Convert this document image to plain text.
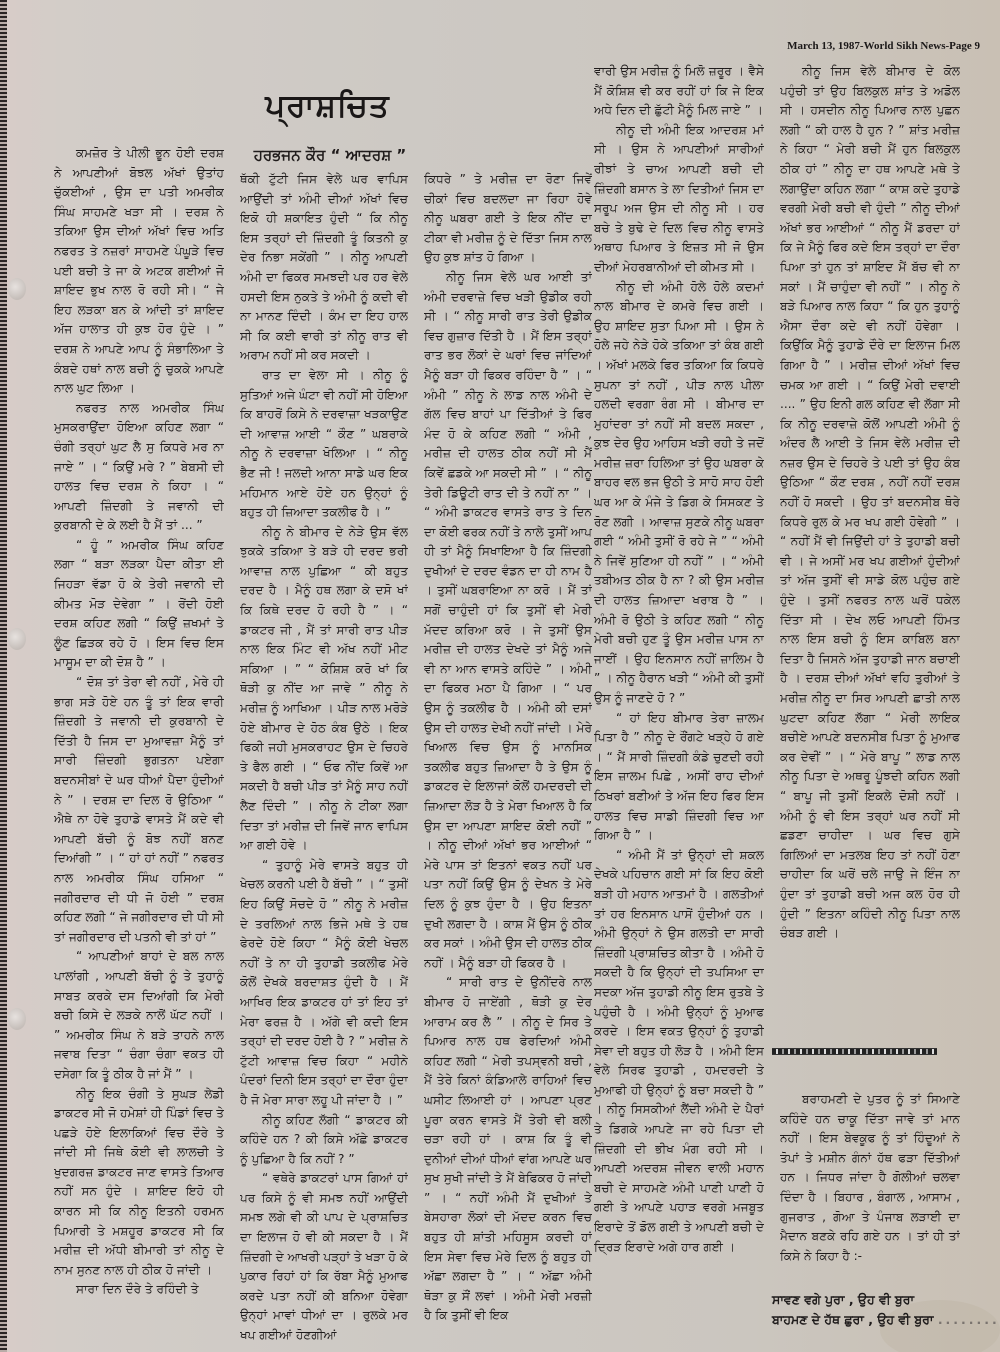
March 13, 1987-World Sikh News-Page 9
ਪ੍ਰਾਸ਼ਚਿਤ
ਹਰਭਜਨ ਕੌਰ “ ਆਦਰਸ਼ ”

ਕਮਜ਼ੋਰ ਤੇ ਪੀਲੀ ਭੂਨ ਹੋਈ ਦਰਸ਼ ਨੇ ਆਪਣੀਆਂ ਬੋਝਲ ਅੱਖਾਂ ਉਤਾਂਹ ਚੁੱਕਈਆਂ , ਉਸ ਦਾ ਪਤੀ ਅਮਰੀਕ ਸਿੰਘ ਸਾਹਮਣੇ ਖੜਾ ਸੀ । ਦਰਸ਼ ਨੇ ਤਕਿਆ ਉਸ ਦੀਆਂ ਅੱਖਾਂ ਵਿਚ ਅਤਿ ਨਫਰਤ ਤੇ ਨਜ਼ਰਾਂ ਸਾਹਮਣੇ ਪੰਘੂੜੇ ਵਿਚ ਪਈ ਬਚੀ ਤੇ ਜਾ ਕੇ ਅਟਕ ਗਈਆਂ ਜੋ ਸ਼ਾਇਦ ਭੁਖ ਨਾਲ ਰੋ ਰਹੀ ਸੀ। “ ਜੇ ਇਹ ਲੜਕਾ ਬਨ ਕੇ ਆਂਦੀ ਤਾਂ ਸ਼ਾਇਦ ਅੱਜ ਹਾਲਾਤ ਹੀ ਕੁਝ ਹੋਰ ਹੁੰਦੇ । ” ਦਰਸ਼ ਨੇ ਆਪਣੇ ਆਪ ਨੂੰ ਸੰਭਾਲਿਆ ਤੇ ਕੰਬਦੇ ਹਥਾਂ ਨਾਲ ਬਚੀ ਨੂੰ ਚੁਕਕੇ ਆਪਣੇ ਨਾਲ ਘੁਟ ਲਿਆ ।

ਨਫਰਤ ਨਾਲ ਅਮਰੀਕ ਸਿੰਘ ਮੁਸਕਰਾਉਂਦਾ ਹੋਇਆ ਕਹਿਣ ਲਗਾ “ ਚੰਗੀ ਤਰ੍ਹਾਂ ਘੁਟ ਲੈ ਸੁ ਕਿਧਰੇ ਮਰ ਨਾ ਜਾਏ ” । “ ਕਿਉਂ ਮਰੇ ? ” ਬੇਬਸੀ ਦੀ ਹਾਲਤ ਵਿਚ ਦਰਸ਼ ਨੇ ਕਿਹਾ । “ ਆਪਣੀ ਜ਼ਿੰਦਗੀ ਤੇ ਜਵਾਨੀ ਦੀ ਕੁਰਬਾਨੀ ਦੇ ਕੇ ਲਈ ਹੈ ਮੈਂ ਤਾਂ ... ”

“ ਹੂੰ ” ਅਮਰੀਕ ਸਿੰਘ ਕਹਿਣ ਲਗਾ “ ਬੜਾ ਲੜਕਾ ਪੈਦਾ ਕੀਤਾ ਈ ਜਿਹੜਾ ਵੱਡਾ ਹੋ ਕੇ ਤੇਰੀ ਜਵਾਨੀ ਦੀ ਕੀਮਤ ਮੋੜ ਦੇਵੇਗਾ ” । ਰੋਂਦੀ ਹੋਈ ਦਰਸ਼ ਕਹਿਣ ਲਗੀ “ ਕਿਉਂ ਜ਼ਖਮਾਂ ਤੇ ਲੂੰਣ ਛਿੜਕ ਰਹੇ ਹੋ । ਇਸ ਵਿਚ ਇਸ ਮਾਸੂਮ ਦਾ ਕੀ ਦੋਸ਼ ਹੈ ” ।

“ ਦੋਸ਼ ਤਾਂ ਤੇਰਾ ਵੀ ਨਹੀਂ , ਮੇਰੇ ਹੀ ਭਾਗ ਸੜੇ ਹੋਏ ਹਨ ਤੂੰ ਤਾਂ ਇਕ ਵਾਰੀ ਜ਼ਿੰਦਗੀ ਤੇ ਜਵਾਨੀ ਦੀ ਕੁਰਬਾਨੀ ਦੇ ਦਿੱਤੀ ਹੈ ਜਿਸ ਦਾ ਮੁਆਵਜ਼ਾ ਮੈਨੂੰ ਤਾਂ ਸਾਰੀ ਜ਼ਿੰਦਗੀ ਭੁਗਤਨਾ ਪਏਗਾ ਬਦਨਸੀਬਾਂ ਦੇ ਘਰ ਧੀਆਂ ਪੈਦਾ ਹੁੰਦੀਆਂ ਨੇ ” । ਦਰਸ਼ ਦਾ ਦਿਲ ਰੋ ਉਠਿਆ “ ਐਥੇ ਨਾ ਹੋਵੇ ਤੁਹਾਡੇ ਵਾਸਤੇ ਮੈਂ ਕਦੇ ਵੀ ਆਪਣੀ ਬੱਚੀ ਨੂੰ ਬੋਝ ਨਹੀਂ ਬਨਣ ਦਿਆਂਗੀ ” । “ ਹਾਂ ਹਾਂ ਨਹੀਂ ” ਨਫਰਤ ਨਾਲ ਅਮਰੀਕ ਸਿੰਘ ਹਸਿਆ “ ਜਗੀਰਦਾਰ ਦੀ ਧੀ ਜੋ ਹੋਈ ” ਦਰਸ਼ ਕਹਿਣ ਲਗੀ “ ਜੇ ਜਗੀਰਦਾਰ ਦੀ ਧੀ ਸੀ ਤਾਂ ਜਗੀਰਦਾਰ ਦੀ ਪਤਨੀ ਵੀ ਤਾਂ ਹਾਂ ”

“ ਆਪਣੀਆਂ ਬਾਹਾਂ ਦੇ ਬਲ ਨਾਲ ਪਾਲਾਂਗੀ , ਆਪਣੀ ਬੱਚੀ ਨੂੰ ਤੇ ਤੁਹਾਨੂੰ ਸਾਬਤ ਕਰਕੇ ਦਸ ਦਿਆਂਗੀ ਕਿ ਮੇਰੀ ਬਚੀ ਕਿਸੇ ਦੇ ਲੜਕੇ ਨਾਲੋਂ ਘੱਟ ਨਹੀਂ । ” ਅਮਰੀਕ ਸਿੰਘ ਨੇ ਬੜੇ ਤਾਹਨੇ ਨਾਲ ਜਵਾਬ ਦਿਤਾ “ ਚੰਗਾ ਚੰਗਾ ਵਕਤ ਹੀ ਦਸੇਗਾ ਕਿ ਤੂੰ ਠੀਕ ਹੈ ਜਾਂ ਮੈਂ ” ।

ਨੀਨੂ ਇਕ ਚੰਗੀ ਤੇ ਸੁਘੜ ਲੇਡੀ ਡਾਕਟਰ ਸੀ ਜੋ ਹਮੇਸ਼ਾਂ ਹੀ ਪਿੰਡਾਂ ਵਿਚ ਤੇ ਪਛੜੇ ਹੋਏ ਇਲਾਕਿਆਂ ਵਿਚ ਦੌਰੇ ਤੇ ਜਾਂਦੀ ਸੀ ਜਿਥੇ ਕੋਈ ਵੀ ਲਾਲਚੀ ਤੇ ਖੁਦਗਰਜ਼ ਡਾਕਟਰ ਜਾਣ ਵਾਸਤੇ ਤਿਆਰ ਨਹੀਂ ਸਨ ਹੁੰਦੇ । ਸ਼ਾਇਦ ਇਹੋ ਹੀ ਕਾਰਨ ਸੀ ਕਿ ਨੀਨੂ ਇਤਨੀ ਹਰਮਨ ਪਿਆਰੀ ਤੇ ਮਸ਼ਹੂਰ ਡਾਕਟਰ ਸੀ ਕਿ ਮਰੀਜ਼ ਦੀ ਅੱਧੀ ਬੀਮਾਰੀ ਤਾਂ ਨੀਨੂ ਦੇ ਨਾਮ ਸੁਨਣ ਨਾਲ ਹੀ ਠੀਕ ਹੋ ਜਾਂਦੀ ।

ਸਾਰਾ ਦਿਨ ਦੌਰੇ ਤੇ ਰਹਿੰਦੀ ਤੇ

ਥੱਕੀ ਟੁੱਟੀ ਜਿਸ ਵੇਲੇ ਘਰ ਵਾਪਿਸ ਆਉਂਦੀ ਤਾਂ ਅੰਮੀ ਦੀਆਂ ਅੱਖਾਂ ਵਿਚ ਇਕੋ ਹੀ ਸ਼ਕਾਇਤ ਹੁੰਦੀ “ ਕਿ ਨੀਨੂ ਇਸ ਤਰ੍ਹਾਂ ਦੀ ਜ਼ਿੰਦਗੀ ਤੂੰ ਕਿਤਨੀ ਕੁ ਦੇਰ ਨਿਭਾ ਸਕੇਂਗੀ ” । ਨੀਨੂ ਆਪਣੀ ਅੰਮੀ ਦਾ ਫਿਕਰ ਸਮਝਦੀ ਪਰ ਹਰ ਵੇਲੇ ਹਸਦੀ ਇਸ ਨੁਕਤੇ ਤੇ ਅੰਮੀ ਨੂੰ ਕਦੀ ਵੀ ਨਾ ਮਾਨਣ ਦਿੰਦੀ । ਕੰਮ ਦਾ ਇਹ ਹਾਲ ਸੀ ਕਿ ਕਈ ਵਾਰੀ ਤਾਂ ਨੀਨੂ ਰਾਤ ਵੀ ਅਰਾਮ ਨਹੀਂ ਸੀ ਕਰ ਸਕਦੀ ।

ਰਾਤ ਦਾ ਵੇਲਾ ਸੀ । ਨੀਨੂ ਨੂੰ ਸੁਤਿਆਂ ਅਜੇ ਘੰਟਾ ਵੀ ਨਹੀਂ ਸੀ ਹੋਇਆ ਕਿ ਬਾਹਰੋਂ ਕਿਸੇ ਨੇ ਦਰਵਾਜ਼ਾ ਖੜਕਾਉਣ ਦੀ ਆਵਾਜ਼ ਆਈ “ ਕੌਣ ” ਘਬਰਾਕੇ ਨੀਨੂ ਨੇ ਦਰਵਾਜ਼ਾ ਖੋਲਿਆ । “ ਨੀਨੂ ਭੈਣ ਜੀ ! ਜਲਦੀ ਆਨਾ ਸਾਡੇ ਘਰ ਇਕ ਮਹਿਮਾਨ ਆਏ ਹੋਏ ਹਨ ਉਨ੍ਹਾਂ ਨੂੰ ਬਹੁਤ ਹੀ ਜ਼ਿਆਦਾ ਤਕਲੀਫ ਹੈ । ”

ਨੀਨੂ ਨੇ ਬੀਮਾਰ ਦੇ ਨੇੜੇ ਉਸ ਵੱਲ ਝੁਕਕੇ ਤਕਿਆ ਤੇ ਬੜੇ ਹੀ ਦਰਦ ਭਰੀ ਆਵਾਜ਼ ਨਾਲ ਪੁਛਿਆ “ ਕੀ ਬਹੁਤ ਦਰਦ ਹੈ । ਮੈਨੂੰ ਹਥ ਲਗਾ ਕੇ ਦਸੋ ਖਾਂ ਕਿ ਕਿਥੇ ਦਰਦ ਹੋ ਰਹੀ ਹੈ ” । “ ਡਾਕਟਰ ਜੀ , ਮੈਂ ਤਾਂ ਸਾਰੀ ਰਾਤ ਪੀੜ ਨਾਲ ਇਕ ਮਿੰਟ ਵੀ ਅੱਖ ਨਹੀਂ ਮੀਟ ਸਕਿਆ । ” “ ਕੋਸ਼ਿਸ਼ ਕਰੋ ਖਾਂ ਕਿ ਥੋੜੀ ਕੁ ਨੀਂਦ ਆ ਜਾਵੇ ” ਨੀਨੂ ਨੇ ਮਰੀਜ਼ ਨੂੰ ਆਖਿਆ । ਪੀੜ ਨਾਲ ਮਰੋੜੇ ਹੋਏ ਬੀਮਾਰ ਦੇ ਹੋਠ ਕੰਬ ਉਠੇ । ਇਕ ਫਿਕੀ ਜਹੀ ਮੁਸਕਰਾਹਟ ਉਸ ਦੇ ਚਿਹਰੇ ਤੇ ਫੈਲ ਗਈ । “ ਓਫ ਨੀਂਦ ਕਿਵੇਂ ਆ ਸਕਦੀ ਹੈ ਬਚੀ ਪੀੜ ਤਾਂ ਮੈਨੂੰ ਸਾਹ ਨਹੀਂ ਲੈਣ ਦਿੰਦੀ ” । ਨੀਨੂ ਨੇ ਟੀਕਾ ਲਗਾ ਦਿਤਾ ਤਾਂ ਮਰੀਜ਼ ਦੀ ਜਿਵੇਂ ਜਾਨ ਵਾਪਿਸ ਆ ਗਈ ਹੋਵੇ ।

“ ਤੁਹਾਨੂੰ ਮੇਰੇ ਵਾਸਤੇ ਬਹੁਤ ਹੀ ਖੇਚਲ ਕਰਨੀ ਪਈ ਹੈ ਬੱਚੀ ” । “ ਤੁਸੀਂ ਇਹ ਕਿਉਂ ਸੋਚਦੇ ਹੋ ” ਨੀਨੂ ਨੇ ਮਰੀਜ਼ ਦੇ ਤਰਲਿਆਂ ਨਾਲ ਭਿਜੇ ਮਥੇ ਤੇ ਹਥ ਫੇਰਦੇ ਹੋਏ ਕਿਹਾ “ ਮੈਨੂੰ ਕੋਈ ਖੇਚਲ ਨਹੀਂ ਤੇ ਨਾ ਹੀ ਤੁਹਾਡੀ ਤਕਲੀਫ ਮੇਰੇ ਕੋਲੋਂ ਦੇਖਕੇ ਬਰਦਾਸ਼ਤ ਹੁੰਦੀ ਹੈ । ਮੈਂ ਆਖਿਰ ਇਕ ਡਾਕਟਰ ਹਾਂ ਤਾਂ ਇਹ ਤਾਂ ਮੇਰਾ ਫਰਜ਼ ਹੈ । ਅੱਗੇ ਵੀ ਕਦੀ ਇਸ ਤਰ੍ਹਾਂ ਦੀ ਦਰਦ ਹੋਈ ਹੈ ? ” ਮਰੀਜ਼ ਨੇ ਟੁੱਟੀ ਆਵਾਜ਼ ਵਿਚ ਕਿਹਾ “ ਮਹੀਨੇ ਪੰਦਰਾਂ ਦਿਨੀ ਇਸ ਤਰ੍ਹਾਂ ਦਾ ਦੌਰਾ ਹੁੰਦਾ ਹੈ ਜੋ ਮੇਰਾ ਸਾਰਾ ਲਹੂ ਪੀ ਜਾਂਦਾ ਹੈ । ”

ਨੀਨੂ ਕਹਿਣ ਲੱਗੀ “ ਡਾਕਟਰ ਕੀ ਕਹਿੰਦੇ ਹਨ ? ਕੀ ਕਿਸੇ ਅੱਛੇ ਡਾਕਟਰ ਨੂੰ ਪੁਛਿਆ ਹੈ ਕਿ ਨਹੀਂ ? ”

“ ਵਥੇਰੇ ਡਾਕਟਰਾਂ ਪਾਸ ਗਿਆਂ ਹਾਂ ਪਰ ਕਿਸੇ ਨੂੰ ਵੀ ਸਮਝ ਨਹੀਂ ਆਉਂਦੀ ਸਮਝ ਲਗੇ ਵੀ ਕੀ ਪਾਪ ਦੇ ਪ੍ਰਾਸ਼ਚਿਤ ਦਾ ਇਲਾਜ ਹੋ ਵੀ ਕੀ ਸਕਦਾ ਹੈ । ਮੈਂ ਜ਼ਿੰਦਗੀ ਦੇ ਆਖਰੀ ਪੜ੍ਹਾਂ ਤੇ ਖੜਾ ਹੋ ਕੇ ਪੁਕਾਰ ਰਿਹਾਂ ਹਾਂ ਕਿ ਰੱਬਾ ਮੈਨੂੰ ਮੁਆਫ ਕਰਦੇ ਪਤਾ ਨਹੀਂ ਕੀ ਬਨਿਆ ਹੋਵੇਗਾ ਉਨ੍ਹਾਂ ਮਾਵਾਂ ਧੀਆਂ ਦਾ । ਰੁਲਕੇ ਮਰ ਖਪ ਗਈਆਂ ਹੋਣਗੀਆਂ

ਕਿਧਰੇ ” ਤੇ ਮਰੀਜ਼ ਦਾ ਰੋਣਾ ਜਿਵੇਂ ਚੀਕਾਂ ਵਿਚ ਬਦਲਦਾ ਜਾ ਰਿਹਾ ਹੋਵੇ ਨੀਨੂ ਘਬਰਾ ਗਈ ਤੇ ਇਕ ਨੀਂਦ ਦਾ ਟੀਕਾ ਵੀ ਮਰੀਜ਼ ਨੂੰ ਦੇ ਦਿੱਤਾ ਜਿਸ ਨਾਲ ਉਹ ਕੁਝ ਸ਼ਾਂਤ ਹੋ ਗਿਆ ।

ਨੀਨੂ ਜਿਸ ਵੇਲੇ ਘਰ ਆਈ ਤਾਂ ਅੰਮੀ ਦਰਵਾਜ਼ੇ ਵਿਚ ਖੜੀ ਉਡੀਕ ਰਹੀ ਸੀ । “ ਨੀਨੂ ਸਾਰੀ ਰਾਤ ਤੇਰੀ ਉਡੀਕ ਵਿਚ ਗੁਜ਼ਾਰ ਦਿੱਤੀ ਹੈ । ਮੈਂ ਇਸ ਤਰ੍ਹਾਂ ਰਾਤ ਭਰ ਲੋਕਾਂ ਦੇ ਘਰਾਂ ਵਿਚ ਜਾਂਦਿਆਂ ਮੈਨੂੰ ਬੜਾ ਹੀ ਫਿਕਰ ਰਹਿੰਦਾ ਹੈ ” । “ ਅੰਮੀ ” ਨੀਨੂ ਨੇ ਲਾਡ ਨਾਲ ਅੰਮੀ ਦੇ ਗੱਲ ਵਿਚ ਬਾਹਾਂ ਪਾ ਦਿੱਤੀਆਂ ਤੇ ਫਿਰ ਮੰਦ ਹੋ ਕੇ ਕਹਿਣ ਲਗੀ “ ਅੰਮੀ , ਮਰੀਜ਼ ਦੀ ਹਾਲਤ ਠੀਕ ਨਹੀਂ ਸੀ ਮੈਂ ਕਿਵੇਂ ਛਡਕੇ ਆ ਸਕਦੀ ਸੀ ” । “ ਨੀਨੂ ਤੇਰੀ ਡਿਊਟੀ ਰਾਤ ਦੀ ਤੇ ਨਹੀਂ ਨਾ ” । “ ਅੰਮੀ ਡਾਕਟਰ ਵਾਸਤੇ ਰਾਤ ਤੇ ਦਿਨ ਦਾ ਕੋਈ ਫਰਕ ਨਹੀਂ ਤੇ ਨਾਲੇ ਤੁਸੀਂ ਆਪ ਹੀ ਤਾਂ ਮੈਨੂੰ ਸਿਖਾਇਆ ਹੈ ਕਿ ਜ਼ਿੰਦਗੀ ਦੁਖੀਆਂ ਦੇ ਦਰਦ ਵੰਡਨ ਦਾ ਹੀ ਨਾਮ ਹੈ । ਤੁਸੀਂ ਘਬਰਾਇਆ ਨਾ ਕਰੋ । ਮੈਂ ਤਾਂ ਸਗੋਂ ਚਾਹੁੰਦੀ ਹਾਂ ਕਿ ਤੁਸੀਂ ਵੀ ਮੇਰੀ ਮੱਦਦ ਕਰਿਆ ਕਰੋ । ਜੇ ਤੁਸੀਂ ਉਸ ਮਰੀਜ਼ ਦੀ ਹਾਲਤ ਦੇਖਦੇ ਤਾਂ ਮੈਨੂੰ ਅਜੇ ਵੀ ਨਾ ਆਨ ਵਾਸਤੇ ਕਹਿੰਦੇ ” । ਅੰਮੀ ਦਾ ਫਿਕਰ ਮਠਾ ਪੈ ਗਿਆ । “ ਪਰ ਉਸ ਨੂੰ ਤਕਲੀਫ ਹੈ । ਅੰਮੀ ਕੀ ਦਸਾਂ ਉਸ ਦੀ ਹਾਲਤ ਦੇਖੀ ਨਹੀਂ ਜਾਂਦੀ । ਮੇਰੇ ਖਿਆਲ ਵਿਚ ਉਸ ਨੂੰ ਮਾਨਸਿਕ ਤਕਲੀਫ ਬਹੁਤ ਜ਼ਿਆਦਾ ਹੈ ਤੇ ਉਸ ਨੂੰ ਡਾਕਟਰ ਦੇ ਇਲਾਜਾਂ ਕੋਲੋਂ ਹਮਦਰਦੀ ਦੀ ਜ਼ਿਆਦਾ ਲੋੜ ਹੈ ਤੇ ਮੇਰਾ ਖਿਆਲ ਹੈ ਕਿ ਉਸ ਦਾ ਆਪਣਾ ਸ਼ਾਇਦ ਕੋਈ ਨਹੀਂ ” । ਨੀਨੂ ਦੀਆਂ ਅੱਖਾਂ ਭਰ ਆਈਆਂ “ ਮੇਰੇ ਪਾਸ ਤਾਂ ਇਤਨਾਂ ਵਕਤ ਨਹੀਂ ਪਰ ਪਤਾ ਨਹੀਂ ਕਿਉਂ ਉਸ ਨੂੰ ਦੇਖਨ ਤੇ ਮੇਰੇ ਦਿਲ ਨੂੰ ਕੁਝ ਹੁੰਦਾ ਹੈ । ਉਹ ਇਤਨਾ ਦੁਖੀ ਲਗਦਾ ਹੈ । ਕਾਸ਼ ਮੈਂ ਉਸ ਨੂੰ ਠੀਕ ਕਰ ਸਕਾਂ । ਅੰਮੀ ਉਸ ਦੀ ਹਾਲਤ ਠੀਕ ਨਹੀਂ । ਮੈਨੂੰ ਬੜਾ ਹੀ ਫਿਕਰ ਹੈ ।

“ ਸਾਰੀ ਰਾਤ ਦੇ ਉਨੀਂਦਰੇ ਨਾਲ ਬੀਮਾਰ ਹੋ ਜਾਏਂਗੀ , ਥੋੜੀ ਕੁ ਦੇਰ ਆਰਾਮ ਕਰ ਲੈ ” । ਨੀਨੂ ਦੇ ਸਿਰ ਤੇ ਪਿਆਰ ਨਾਲ ਹਥ ਫੇਰਦਿਆਂ ਅੰਮੀ ਕਹਿਣ ਲਗੀ “ ਮੇਰੀ ਤਪਸ੍ਵਨੀ ਬਚੀ , ਮੈਂ ਤੇਰੇ ਕਿਨਾਂ ਕੰਡਿਆਲੇ ਰਾਹਿਆਂ ਵਿਚ ਘਸੀਟ ਲਿਆਈ ਹਾਂ । ਆਪਣਾ ਪ੍ਰਣ ਪੂਰਾ ਕਰਨ ਵਾਸਤੇ ਮੈਂ ਤੇਰੀ ਵੀ ਬਲੀ ਚੜਾ ਰਹੀ ਹਾਂ । ਕਾਸ਼ ਕਿ ਤੂੰ ਵੀ ਦੁਨੀਆਂ ਦੀਆਂ ਧੀਆਂ ਵਾਂਗ ਆਪਣੇ ਘਰ ਸੁਖ ਸੁਖੀ ਜਾਂਦੀ ਤੇ ਮੈਂ ਬੇਫਿਕਰ ਹੋ ਜਾਂਦੀ ” । “ ਨਹੀਂ ਅੰਮੀ ਮੈਂ ਦੁਖੀਆਂ ਤੇ ਬੇਸਹਾਰਾ ਲੋਕਾਂ ਦੀ ਮੱਦਦ ਕਰਨ ਵਿਚ ਬਹੁਤ ਹੀ ਸ਼ਾਂਤੀ ਮਹਿਸੂਸ ਕਰਦੀ ਹਾਂ ਇਸ ਸੇਵਾ ਵਿਚ ਮੇਰੇ ਦਿਲ ਨੂੰ ਬਹੁਤ ਹੀ ਅੱਛਾ ਲਗਦਾ ਹੈ ” । “ ਅੱਛਾ ਅੰਮੀ ਥੋੜਾ ਕੁ ਸੌਂ ਲਵਾਂ । ਅੰਮੀ ਮੇਰੀ ਮਰਜ਼ੀ ਹੈ ਕਿ ਤੁਸੀਂ ਵੀ ਇਕ

ਵਾਰੀ ਉਸ ਮਰੀਜ਼ ਨੂੰ ਮਿਲੋ ਜ਼ਰੂਰ । ਵੈਸੇ ਮੈਂ ਕੋਸ਼ਿਸ਼ ਵੀ ਕਰ ਰਹੀਂ ਹਾਂ ਕਿ ਜੇ ਇਕ ਅਧੇ ਦਿਨ ਦੀ ਛੁੱਟੀ ਮੈਨੂੰ ਮਿਲ ਜਾਏ ” ।

ਨੀਨੂ ਦੀ ਅੰਮੀ ਇਕ ਆਦਰਸ਼ ਮਾਂ ਸੀ । ਉਸ ਨੇ ਆਪਣੀਆਂ ਸਾਰੀਆਂ ਰੀਝਾਂ ਤੇ ਚਾਅ ਆਪਣੀ ਬਚੀ ਦੀ ਜ਼ਿੰਦਗੀ ਬਸਾਨ ਤੇ ਲਾ ਦਿਤੀਆਂ ਜਿਸ ਦਾ ਸਰੂਪ ਅਜ ਉਸ ਦੀ ਨੀਨੂ ਸੀ । ਹਰ ਬਚੇ ਤੇ ਬੁਢੇ ਦੇ ਦਿਲ ਵਿਚ ਨੀਨੂ ਵਾਸਤੇ ਅਥਾਹ ਪਿਆਰ ਤੇ ਇਜ਼ਤ ਸੀ ਜੋ ਉਸ ਦੀਆਂ ਮੇਹਰਬਾਨੀਆਂ ਦੀ ਕੀਮਤ ਸੀ ।

ਨੀਨੂ ਦੀ ਅੰਮੀ ਹੋਲੇ ਹੋਲੇ ਕਦਮਾਂ ਨਾਲ ਬੀਮਾਰ ਦੇ ਕਮਰੇ ਵਿਚ ਗਈ । ਉਹ ਸ਼ਾਇਦ ਸੁਤਾ ਪਿਆ ਸੀ । ਉਸ ਨੇ ਹੋਲੇ ਜਹੇ ਨੇੜੇ ਹੋਕੇ ਤਕਿਆ ਤਾਂ ਕੰਬ ਗਈ । ਅੱਖਾਂ ਮਲਕੇ ਫਿਰ ਤਕਿਆ ਕਿ ਕਿਧਰੇ ਸੁਪਨਾ ਤਾਂ ਨਹੀਂ , ਪੀੜ ਨਾਲ ਪੀਲਾ ਹਲਦੀ ਵਰਗਾ ਰੰਗ ਸੀ । ਬੀਮਾਰ ਦਾ ਮੁਹਾਂਦਰਾ ਤਾਂ ਨਹੀਂ ਸੀ ਬਦਲ ਸਕਦਾ , ਕੁਝ ਦੇਰ ਉਹ ਆਹਿਸ ਖੜੀ ਰਹੀ ਤੇ ਜਦੋਂ ਮਰੀਜ਼ ਜ਼ਰਾ ਹਿਲਿਆ ਤਾਂ ਉਹ ਘਬਰਾ ਕੇ ਬਾਹਰ ਵਲ ਭਜ ਉਠੀ ਤੇ ਸਾਹੋ ਸਾਹ ਹੋਈ ਘਰ ਆ ਕੇ ਮੰਜੇ ਤੇ ਡਿਗ ਕੇ ਸਿਸਕਣ ਤੇ ਰੋਣ ਲਗੀ । ਆਵਾਜ਼ ਸੁਣਕੇ ਨੀਨੂ ਘਬਰਾ ਗਈ “ ਅੰਮੀ ਤੁਸੀਂ ਰੋ ਰਹੇ ਜੇ ” “ ਅੰਮੀ ਨੇ ਜਿਵੇਂ ਸੁਣਿਆ ਹੀ ਨਹੀਂ ” । “ ਅੰਮੀ ਤਬੀਅਤ ਠੀਕ ਹੈ ਨਾ ? ਕੀ ਉਸ ਮਰੀਜ਼ ਦੀ ਹਾਲਤ ਜ਼ਿਆਦਾ ਖਰਾਬ ਹੈ ” । ਅੰਮੀ ਰੋ ਉਠੀ ਤੇ ਕਹਿਣ ਲਗੀ “ ਨੀਨੂ ਮੇਰੀ ਬਚੀ ਹੁਣ ਤੂੰ ਉਸ ਮਰੀਜ਼ ਪਾਸ ਨਾ ਜਾਈਂ । ਉਹ ਇਨਸਾਨ ਨਹੀਂ ਜ਼ਾਲਿਮ ਹੈ ” । ਨੀਨੂ ਹੈਰਾਨ ਖੜੀ “ ਅੰਮੀ ਕੀ ਤੁਸੀਂ ਉਸ ਨੂੰ ਜਾਣਦੇ ਹੋ ? ”

“ ਹਾਂ ਇਹ ਬੀਮਾਰ ਤੇਰਾ ਜ਼ਾਲਮ ਪਿਤਾ ਹੈ ” ਨੀਨੂ ਦੇ ਰੌਂਗਟੇ ਖੜ੍ਹੇ ਹੋ ਗਏ । “ ਮੈਂ ਸਾਰੀ ਜ਼ਿੰਦਗੀ ਕੰਡੇ ਚੁਣਦੀ ਰਹੀ ਇਸ ਜ਼ਾਲਮ ਪਿਛੇ , ਅਸੀਂ ਰਾਹ ਦੀਆਂ ਠਿਖਰਾਂ ਬਣੀਆਂ ਤੇ ਅੱਜ ਇਹ ਫਿਰ ਇਸ ਹਾਲਤ ਵਿਚ ਸਾਡੀ ਜ਼ਿੰਦਗੀ ਵਿਚ ਆ ਗਿਆ ਹੈ ” ।

“ ਅੰਮੀ ਮੈਂ ਤਾਂ ਉਨ੍ਹਾਂ ਦੀ ਸ਼ਕਲ ਦੇਖਕੇ ਪਹਿਚਾਨ ਗਈ ਸਾਂ ਕਿ ਇਹ ਕੋਈ ਬੜੀ ਹੀ ਮਹਾਨ ਆਤਮਾਂ ਹੈ । ਗਲਤੀਆਂ ਤਾਂ ਹਰ ਇਨਸਾਨ ਪਾਸੋਂ ਹੁੰਦੀਆਂ ਹਨ । ਅੰਮੀ ਉਨ੍ਹਾਂ ਨੇ ਉਸ ਗਲਤੀ ਦਾ ਸਾਰੀ ਜ਼ਿੰਦਗੀ ਪ੍ਰਾਸ਼ਚਿਤ ਕੀਤਾ ਹੈ । ਅੰਮੀ ਹੋ ਸਕਦੀ ਹੈ ਕਿ ਉਨ੍ਹਾਂ ਦੀ ਤਪਸਿਆ ਦਾ ਸਦਕਾ ਅੱਜ ਤੁਹਾਡੀ ਨੀਨੂ ਇਸ ਰੁਤਬੇ ਤੇ ਪਹੁੰਚੀ ਹੈ । ਅੰਮੀ ਉਨ੍ਹਾਂ ਨੂੰ ਮੁਆਫ ਕਰਦੇ । ਇਸ ਵਕਤ ਉਨ੍ਹਾਂ ਨੂੰ ਤੁਹਾਡੀ ਸੇਵਾ ਦੀ ਬਹੁਤ ਹੀ ਲੋੜ ਹੈ । ਅੰਮੀ ਇਸ ਵੇਲੇ ਸਿਰਫ ਤੁਹਾਡੀ , ਹਮਦਰਦੀ ਤੇ ਮੁਆਫੀ ਹੀ ਉਨ੍ਹਾਂ ਨੂੰ ਬਚਾ ਸਕਦੀ ਹੈ ” । ਨੀਨੂ ਸਿਸਕੀਆਂ ਲੈਂਦੀ ਅੰਮੀ ਦੇ ਪੈਰਾਂ ਤੇ ਡਿਗਕੇ ਆਪਣੇ ਜਾ ਰਹੇ ਪਿਤਾ ਦੀ ਜ਼ਿੰਦਗੀ ਦੀ ਭੀਖ ਮੰਗ ਰਹੀ ਸੀ । ਆਪਣੀ ਅਦਰਸ਼ ਜੀਵਨ ਵਾਲੀ ਮਹਾਨ ਬਚੀ ਦੇ ਸਾਹਮਣੇ ਅੰਮੀ ਪਾਣੀ ਪਾਣੀ ਹੋ ਗਈ ਤੇ ਆਪਣੇ ਪਹਾੜ ਵਰਗੇ ਮਜਬੂਤ ਇਰਾਦੇ ਤੋਂ ਡੋਲ ਗਈ ਤੇ ਆਪਣੀ ਬਚੀ ਦੇ ਦ੍ਰਿੜ ਇਰਾਦੇ ਅਗੇ ਹਾਰ ਗਈ ।

ਨੀਨੂ ਜਿਸ ਵੇਲੇ ਬੀਮਾਰ ਦੇ ਕੋਲ ਪਹੁੰਚੀ ਤਾਂ ਉਹ ਬਿਲਕੁਲ ਸ਼ਾਂਤ ਤੇ ਅਡੋਲ ਸੀ । ਹਸਦੀਨ ਨੀਨੂ ਪਿਆਰ ਨਾਲ ਪੁਛਨ ਲਗੀ “ ਕੀ ਹਾਲ ਹੈ ਹੁਨ ? ” ਸ਼ਾਂਤ ਮਰੀਜ਼ ਨੇ ਕਿਹਾ “ ਮੇਰੀ ਬਚੀ ਮੈਂ ਹੁਨ ਬਿਲਕੁਲ ਠੀਕ ਹਾਂ ” ਨੀਨੂ ਦਾ ਹਥ ਆਪਣੇ ਮਥੇ ਤੇ ਲਗਾਉਂਦਾ ਕਹਿਨ ਲਗਾ “ ਕਾਸ਼ ਕਦੇ ਤੁਹਾਡੇ ਵਰਗੀ ਮੇਰੀ ਬਚੀ ਵੀ ਹੁੰਦੀ ” ਨੀਨੂ ਦੀਆਂ ਅੱਖਾਂ ਭਰ ਆਈਆਂ “ ਨੀਨੂ ਮੈਂ ਡਰਦਾ ਹਾਂ ਕਿ ਜੇ ਮੈਨੂੰ ਫਿਰ ਕਦੇ ਇਸ ਤਰ੍ਹਾਂ ਦਾ ਦੌਰਾ ਪਿਆ ਤਾਂ ਹੁਨ ਤਾਂ ਸ਼ਾਇਦ ਮੈਂ ਬੱਚ ਵੀ ਨਾ ਸਕਾਂ । ਮੈਂ ਚਾਹੁੰਦਾ ਵੀ ਨਹੀਂ ” । ਨੀਨੂ ਨੇ ਬੜੇ ਪਿਆਰ ਨਾਲ ਕਿਹਾ “ ਕਿ ਹੁਨ ਤੁਹਾਨੂੰ ਐਸਾ ਦੌਰਾ ਕਦੇ ਵੀ ਨਹੀਂ ਹੋਵੇਗਾ । ਕਿਉਂਕਿ ਮੈਨੂੰ ਤੁਹਾਡੇ ਦੌਰੇ ਦਾ ਇਲਾਜ ਮਿਲ ਗਿਆ ਹੈ ” । ਮਰੀਜ਼ ਦੀਆਂ ਅੱਖਾਂ ਵਿਚ ਚਮਕ ਆ ਗਈ । “ ਕਿਉਂ ਮੇਰੀ ਦਵਾਈ .... ” ਉਹ ਇਨੀ ਗਲ ਕਹਿਣ ਵੀ ਲੱਗਾ ਸੀ ਕਿ ਨੀਨੂ ਦਰਵਾਜ਼ੇ ਕੋਲੋਂ ਆਪਣੀ ਅੰਮੀ ਨੂੰ ਅੰਦਰ ਲੈ ਆਈ ਤੇ ਜਿਸ ਵੇਲੇ ਮਰੀਜ਼ ਦੀ ਨਜ਼ਰ ਉਸ ਦੇ ਚਿਹਰੇ ਤੇ ਪਈ ਤਾਂ ਉਹ ਕੰਬ ਉਠਿਆ “ ਕੌਣ ਦਰਸ਼ , ਨਹੀਂ ਨਹੀਂ ਦਰਸ਼ ਨਹੀਂ ਹੋ ਸਕਦੀ । ਉਹ ਤਾਂ ਬਦਨਸੀਬ ਥੋਰੇ ਕਿਧਰੇ ਰੁਲ ਕੇ ਮਰ ਖਪ ਗਈ ਹੋਵੇਗੀ ” । “ ਨਹੀਂ ਮੈਂ ਵੀ ਜਿਉਂਦੀ ਹਾਂ ਤੇ ਤੁਹਾਡੀ ਬਚੀ ਵੀ । ਜੇ ਅਸੀਂ ਮਰ ਖਪ ਗਈਆਂ ਹੁੰਦੀਆਂ ਤਾਂ ਅੱਜ ਤੁਸੀਂ ਵੀ ਸਾਡੇ ਕੋਲ ਪਹੁੰਚ ਗਏ ਹੁੰਦੇ । ਤੁਸੀਂ ਨਫਰਤ ਨਾਲ ਘਰੋਂ ਧਕੇਲ ਦਿੱਤਾ ਸੀ । ਦੇਖ ਲਓ ਆਪਣੀ ਹਿੰਮਤ ਨਾਲ ਇਸ ਬਚੀ ਨੂੰ ਇਸ ਕਾਬਿਲ ਬਨਾ ਦਿਤਾ ਹੈ ਜਿਸਨੇ ਅੱਜ ਤੁਹਾਡੀ ਜਾਨ ਬਚਾਈ ਹੈ । ਦਰਸ਼ ਦੀਆਂ ਅੱਖਾਂ ਵਹਿ ਤੁਰੀਆਂ ਤੇ ਮਰੀਜ਼ ਨੀਨੂ ਦਾ ਸਿਰ ਆਪਣੀ ਛਾਤੀ ਨਾਲ ਘੁਟਦਾ ਕਹਿਣ ਲੱਗਾ “ ਮੇਰੀ ਲਾਇਕ ਬਚੀਏ ਆਪਣੇ ਬਦਨਸੀਬ ਪਿਤਾ ਨੂੰ ਮੁਆਫ ਕਰ ਦੇਵੀਂ ” । “ ਮੇਰੇ ਬਾਪੂ ” ਲਾਡ ਨਾਲ ਨੀਨੂ ਪਿਤਾ ਦੇ ਅਥਰੂ ਪੂੰਝਦੀ ਕਹਿਨ ਲਗੀ “ ਬਾਪੂ ਜੀ ਤੁਸੀਂ ਇਕਲੇ ਦੋਸ਼ੀ ਨਹੀਂ । ਅੰਮੀ ਨੂੰ ਵੀ ਇਸ ਤਰ੍ਹਾਂ ਘਰ ਨਹੀਂ ਸੀ ਛਡਣਾ ਚਾਹੀਦਾ । ਘਰ ਵਿਚ ਗੁਸੇ ਗਿਲਿਆਂ ਦਾ ਮਤਲਬ ਇਹ ਤਾਂ ਨਹੀਂ ਹੋਣਾ ਚਾਹੀਦਾ ਕਿ ਘਰੋਂ ਚਲੇ ਜਾਉ ਜੇ ਇੰਜ ਨਾ ਹੁੰਦਾ ਤਾਂ ਤੁਹਾਡੀ ਬਚੀ ਅਜ ਕਲ ਹੋਰ ਹੀ ਹੁੰਦੀ ” ਇਤਨਾ ਕਹਿੰਦੀ ਨੀਨੂ ਪਿਤਾ ਨਾਲ ਚੰਬੜ ਗਈ ।

ਬਰਾਹਮਣੀ ਦੇ ਪੁਤਰ ਨੂੰ ਤਾਂ ਸਿਆਣੇ ਕਹਿੰਦੇ ਹਨ ਚਾਕੂ ਦਿੱਤਾ ਜਾਵੇ ਤਾਂ ਮਾਨ ਨਹੀਂ । ਇਸ ਬੇਵਕੂਫ ਨੂੰ ਤਾਂ ਹਿੰਦੂਆਂ ਨੇ ਤੋਪਾਂ ਤੇ ਮਸ਼ੀਨ ਗੰਨਾਂ ਹੱਥ ਫੜਾ ਦਿੱਤੀਆਂ ਹਨ । ਜਿਧਰ ਜਾਂਦਾ ਹੈ ਗੋਲੀਆਂ ਚਲਵਾ ਦਿੰਦਾ ਹੈ । ਬਿਹਾਰ , ਬੰਗਾਲ , ਆਸਾਮ , ਗੁਜਰਾਤ , ਗੋਆ ਤੇ ਪੰਜਾਬ ਲੜਾਈ ਦਾ ਮੈਦਾਨ ਬਣਕੇ ਰਹਿ ਗਏ ਹਨ । ਤਾਂ ਹੀ ਤਾਂ ਕਿਸੇ ਨੇ ਕਿਹਾ ਹੈ :-

ਸਾਵਣ ਵਗੇ ਪੁਰਾ , ਉਹ ਵੀ ਬੁਰਾ
ਬਾਹਮਣ ਦੇ ਹੱਥ ਛੁਰਾ , ਉਹ ਵੀ ਬੁਰਾ ........
